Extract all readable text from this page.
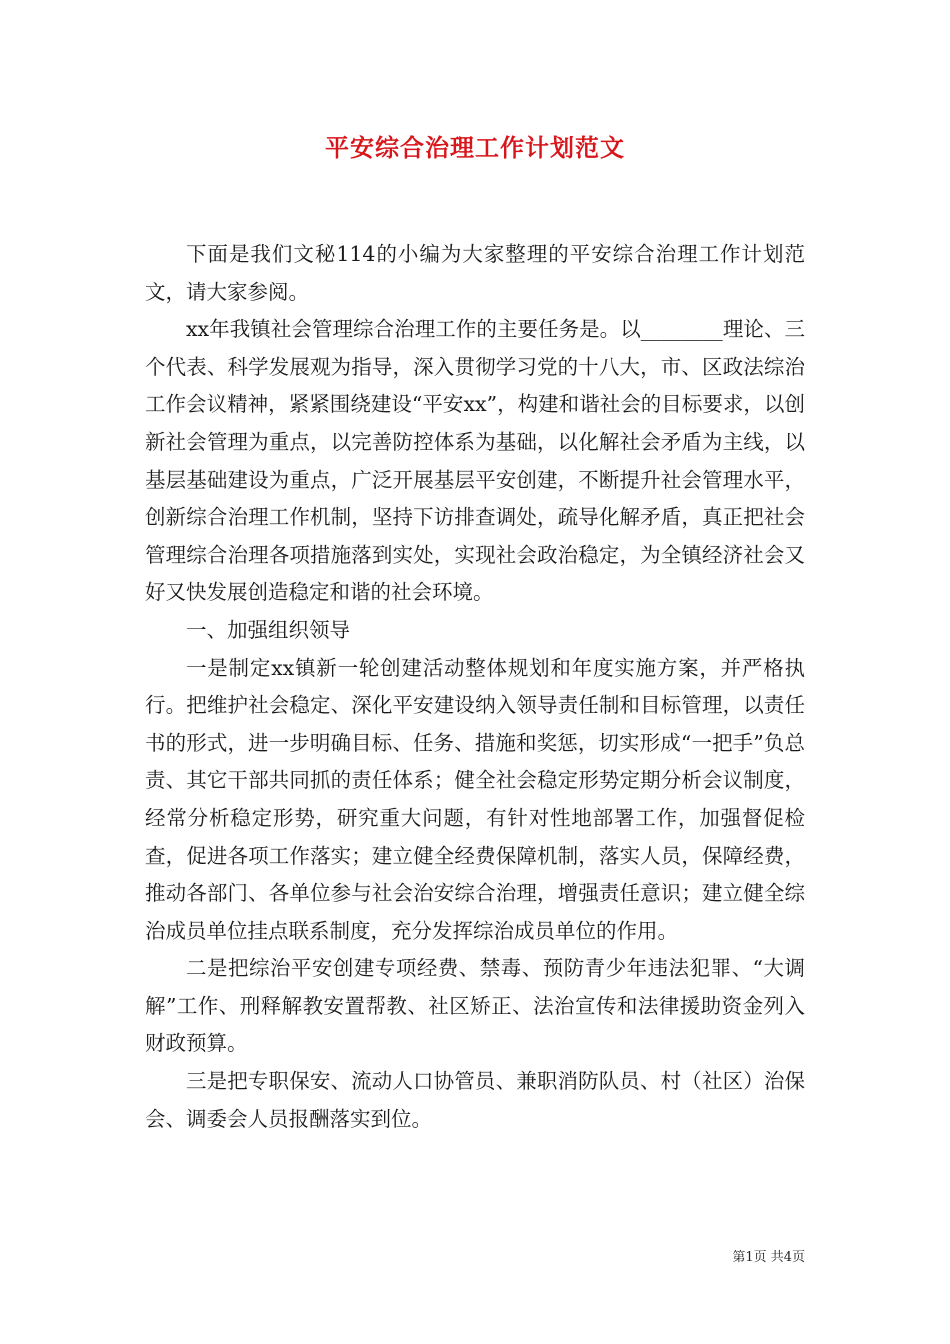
平安综合治理工作计划范文

下面是我们文秘114的小编为大家整理的平安综合治理工作计划范文，请大家参阅。

xx年我镇社会管理综合治理工作的主要任务是。以________理论、三个代表、科学发展观为指导，深入贯彻学习党的十八大，市、区政法综治工作会议精神，紧紧围绕建设“平安xx”，构建和谐社会的目标要求，以创新社会管理为重点，以完善防控体系为基础，以化解社会矛盾为主线，以基层基础建设为重点，广泛开展基层平安创建，不断提升社会管理水平，创新综合治理工作机制，坚持下访排查调处，疏导化解矛盾，真正把社会管理综合治理各项措施落到实处，实现社会政治稳定，为全镇经济社会又好又快发展创造稳定和谐的社会环境。

一、加强组织领导

一是制定xx镇新一轮创建活动整体规划和年度实施方案，并严格执行。把维护社会稳定、深化平安建设纳入领导责任制和目标管理，以责任书的形式，进一步明确目标、任务、措施和奖惩，切实形成“一把手”负总责、其它干部共同抓的责任体系；健全社会稳定形势定期分析会议制度，经常分析稳定形势，研究重大问题，有针对性地部署工作，加强督促检查，促进各项工作落实；建立健全经费保障机制，落实人员，保障经费，推动各部门、各单位参与社会治安综合治理，增强责任意识；建立健全综治成员单位挂点联系制度，充分发挥综治成员单位的作用。

二是把综治平安创建专项经费、禁毒、预防青少年违法犯罪、“大调解”工作、刑释解教安置帮教、社区矫正、法治宣传和法律援助资金列入财政预算。

三是把专职保安、流动人口协管员、兼职消防队员、村（社区）治保会、调委会人员报酬落实到位。

第1页 共4页
